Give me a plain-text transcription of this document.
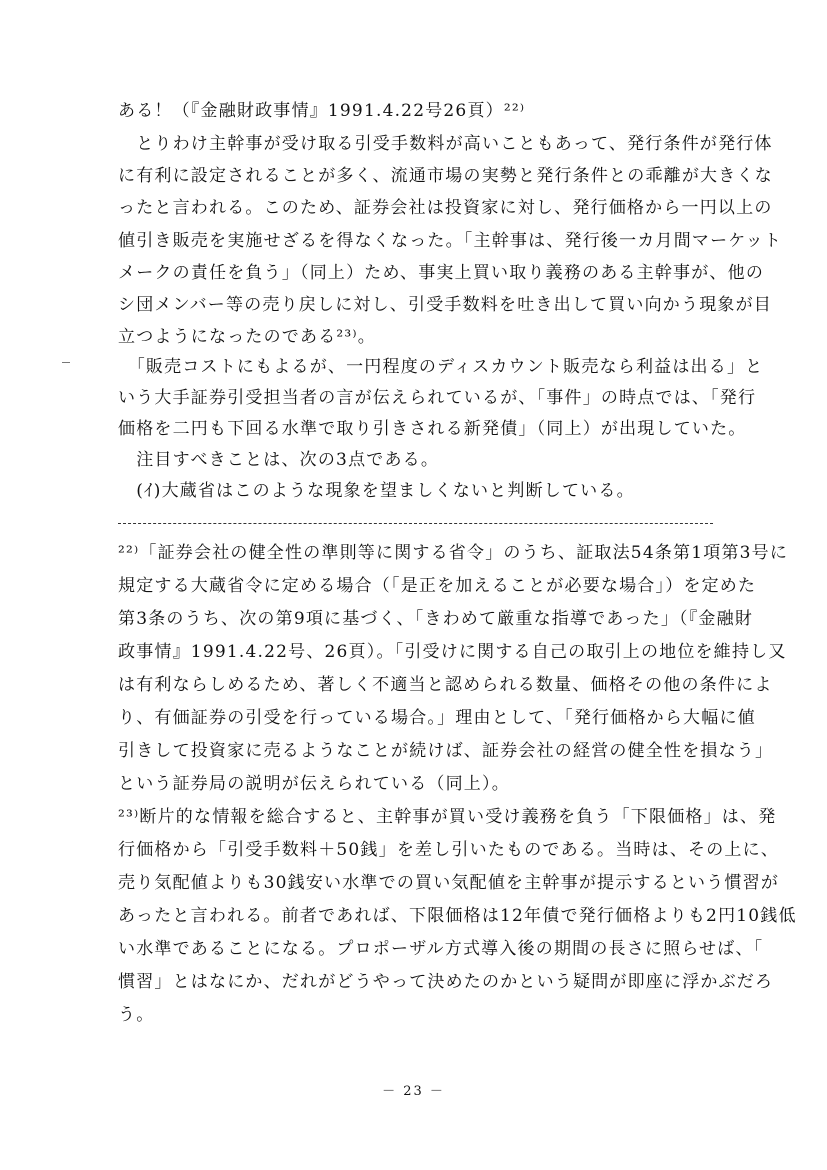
ある！（『金融財政事情』1991.4.22号26頁）²²⁾
　とりわけ主幹事が受け取る引受手数料が高いこともあって、発行条件が発行体
に有利に設定されることが多く、流通市場の実勢と発行条件との乖離が大きくな
ったと言われる。このため、証券会社は投資家に対し、発行価格から一円以上の
値引き販売を実施せざるを得なくなった。「主幹事は、発行後一カ月間マーケット
メークの責任を負う」（同上）ため、事実上買い取り義務のある主幹事が、他の
シ団メンバー等の売り戻しに対し、引受手数料を吐き出して買い向かう現象が目
立つようになったのである²³⁾。
　「販売コストにもよるが、一円程度のディスカウント販売なら利益は出る」と
いう大手証券引受担当者の言が伝えられているが、「事件」の時点では、「発行
価格を二円も下回る水準で取り引きされる新発債」（同上）が出現していた。
　注目すべきことは、次の3点である。
　(ｲ)大蔵省はこのような現象を望ましくないと判断している。
²²⁾「証券会社の健全性の準則等に関する省令」のうち、証取法54条第1項第3号に
規定する大蔵省令に定める場合（「是正を加えることが必要な場合」）を定めた
第3条のうち、次の第9項に基づく、「きわめて厳重な指導であった」（『金融財
政事情』1991.4.22号、26頁）。「引受けに関する自己の取引上の地位を維持し又
は有利ならしめるため、著しく不適当と認められる数量、価格その他の条件によ
り、有価証券の引受を行っている場合。」理由として、「発行価格から大幅に値
引きして投資家に売るようなことが続けば、証券会社の経営の健全性を損なう」
という証券局の説明が伝えられている（同上）。
²³⁾断片的な情報を総合すると、主幹事が買い受け義務を負う「下限価格」は、発
行価格から「引受手数料＋50銭」を差し引いたものである。当時は、その上に、
売り気配値よりも30銭安い水準での買い気配値を主幹事が提示するという慣習が
あったと言われる。前者であれば、下限価格は12年債で発行価格よりも2円10銭低
い水準であることになる。プロポーザル方式導入後の期間の長さに照らせば、「
慣習」とはなにか、だれがどうやって決めたのかという疑問が即座に浮かぶだろ
う。
－ 23 －
